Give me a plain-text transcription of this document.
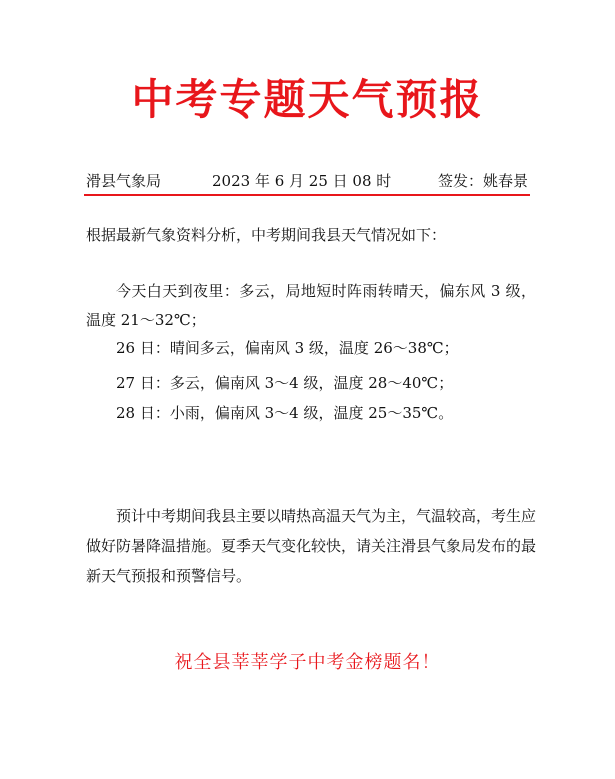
中考专题天气预报
滑县气象局	2023 年 6 月 25 日 08 时	签发：姚春景

根据最新气象资料分析，中考期间我县天气情况如下：

今天白天到夜里：多云，局地短时阵雨转晴天，偏东风 3 级，温度 21～32℃；

26 日：晴间多云，偏南风 3 级，温度 26～38℃；

27 日：多云，偏南风 3～4 级，温度 28～40℃；

28 日：小雨，偏南风 3～4 级，温度 25～35℃。

预计中考期间我县主要以晴热高温天气为主，气温较高，考生应做好防暑降温措施。夏季天气变化较快，请关注滑县气象局发布的最新天气预报和预警信号。

祝全县莘莘学子中考金榜题名！
